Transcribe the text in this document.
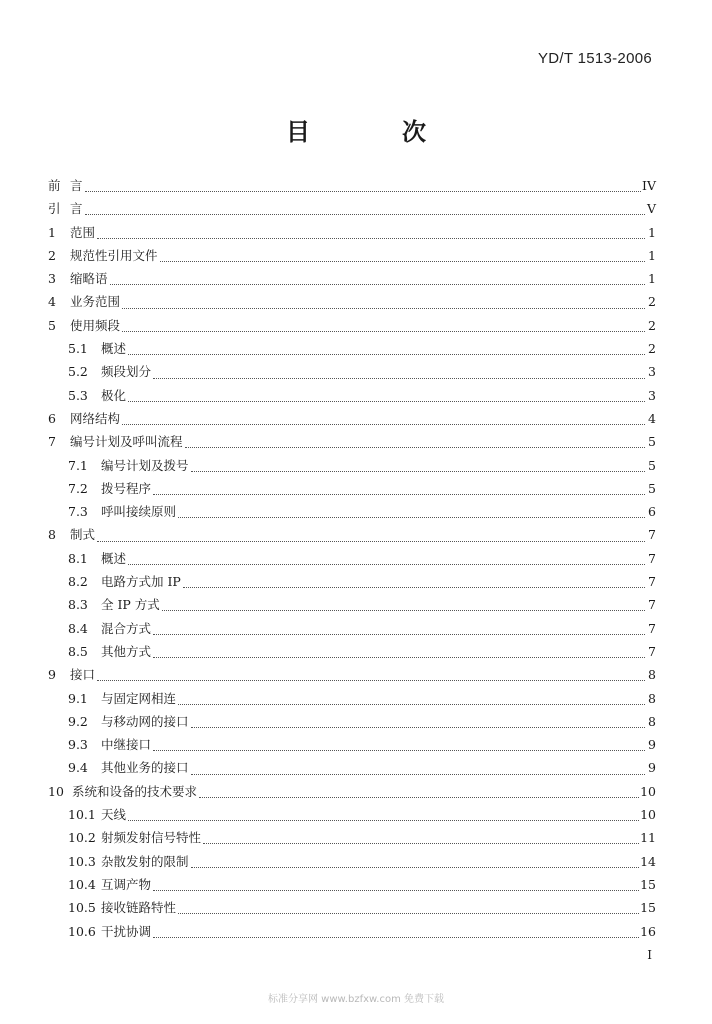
YD/T 1513-2006
目　次
前 言	IV
引 言	V
1	范围	1
2	规范性引用文件	1
3	缩略语	1
4	业务范围	2
5	使用频段	2
5.1	概述	2
5.2	频段划分	3
5.3	极化	3
6	网络结构	4
7	编号计划及呼叫流程	5
7.1	编号计划及拨号	5
7.2	拨号程序	5
7.3	呼叫接续原则	6
8	制式	7
8.1	概述	7
8.2	电路方式加 IP	7
8.3	全 IP 方式	7
8.4	混合方式	7
8.5	其他方式	7
9	接口	8
9.1	与固定网相连	8
9.2	与移动网的接口	8
9.3	中继接口	9
9.4	其他业务的接口	9
10 系统和设备的技术要求	10
10.1 天线	10
10.2 射频发射信号特性	11
10.3 杂散发射的限制	14
10.4 互调产物	15
10.5 接收链路特性	15
10.6 干扰协调	16
I
标准分享网 www.bzfxw.com 免费下载
